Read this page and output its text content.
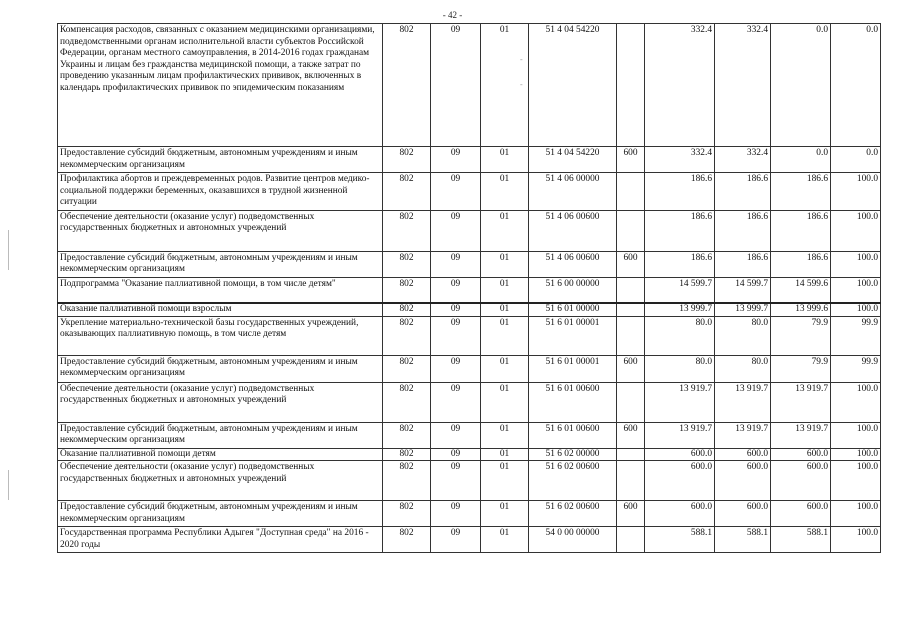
- 42 -
-
-
Компенсация расходов, связанных с оказанием медицинскими организациями, подведомственными органам исполнительной власти субъектов Российской Федерации, органам местного самоуправления, в 2014-2016 годах гражданам Украины и лицам без гражданства медицинской помощи, а также затрат по проведению указанным лицам профилактических прививок, включенных в календарь профилактических прививок по эпидемическим показаниям	802	09	01	51 4 04 54220		332.4	332.4	0.0	0.0
Предоставление субсидий бюджетным, автономным учреждениям и иным некоммерческим организациям	802	09	01	51 4 04 54220	600	332.4	332.4	0.0	0.0
Профилактика абортов и преждевременных родов. Развитие центров медико-социальной поддержки беременных, оказавшихся в трудной жизненной ситуации	802	09	01	51 4 06 00000		186.6	186.6	186.6	100.0
Обеспечение деятельности (оказание услуг) подведомственных государственных бюджетных и автономных учреждений	802	09	01	51 4 06 00600		186.6	186.6	186.6	100.0
Предоставление субсидий бюджетным, автономным учреждениям и иным некоммерческим организациям	802	09	01	51 4 06 00600	600	186.6	186.6	186.6	100.0
Подпрограмма "Оказание паллиативной помощи, в том числе детям"	802	09	01	51 6 00 00000		14 599.7	14 599.7	14 599.6	100.0
Оказание паллиативной помощи взрослым	802	09	01	51 6 01 00000		13 999.7	13 999.7	13 999.6	100.0
Укрепление материально-технической базы государственных учреждений, оказывающих паллиативную помощь, в том числе детям	802	09	01	51 6 01 00001		80.0	80.0	79.9	99.9
Предоставление субсидий бюджетным, автономным учреждениям и иным некоммерческим организациям	802	09	01	51 6 01 00001	600	80.0	80.0	79.9	99.9
Обеспечение деятельности (оказание услуг) подведомственных государственных бюджетных и автономных учреждений	802	09	01	51 6 01 00600		13 919.7	13 919.7	13 919.7	100.0
Предоставление субсидий бюджетным, автономным учреждениям и иным некоммерческим организациям	802	09	01	51 6 01 00600	600	13 919.7	13 919.7	13 919.7	100.0
Оказание паллиативной помощи детям	802	09	01	51 6 02 00000		600.0	600.0	600.0	100.0
Обеспечение деятельности (оказание услуг) подведомственных государственных бюджетных и автономных учреждений	802	09	01	51 6 02 00600		600.0	600.0	600.0	100.0
Предоставление субсидий бюджетным, автономным учреждениям и иным некоммерческим организациям	802	09	01	51 6 02 00600	600	600.0	600.0	600.0	100.0
Государственная программа Республики Адыгея "Доступная среда" на 2016 - 2020 годы	802	09	01	54 0 00 00000		588.1	588.1	588.1	100.0
